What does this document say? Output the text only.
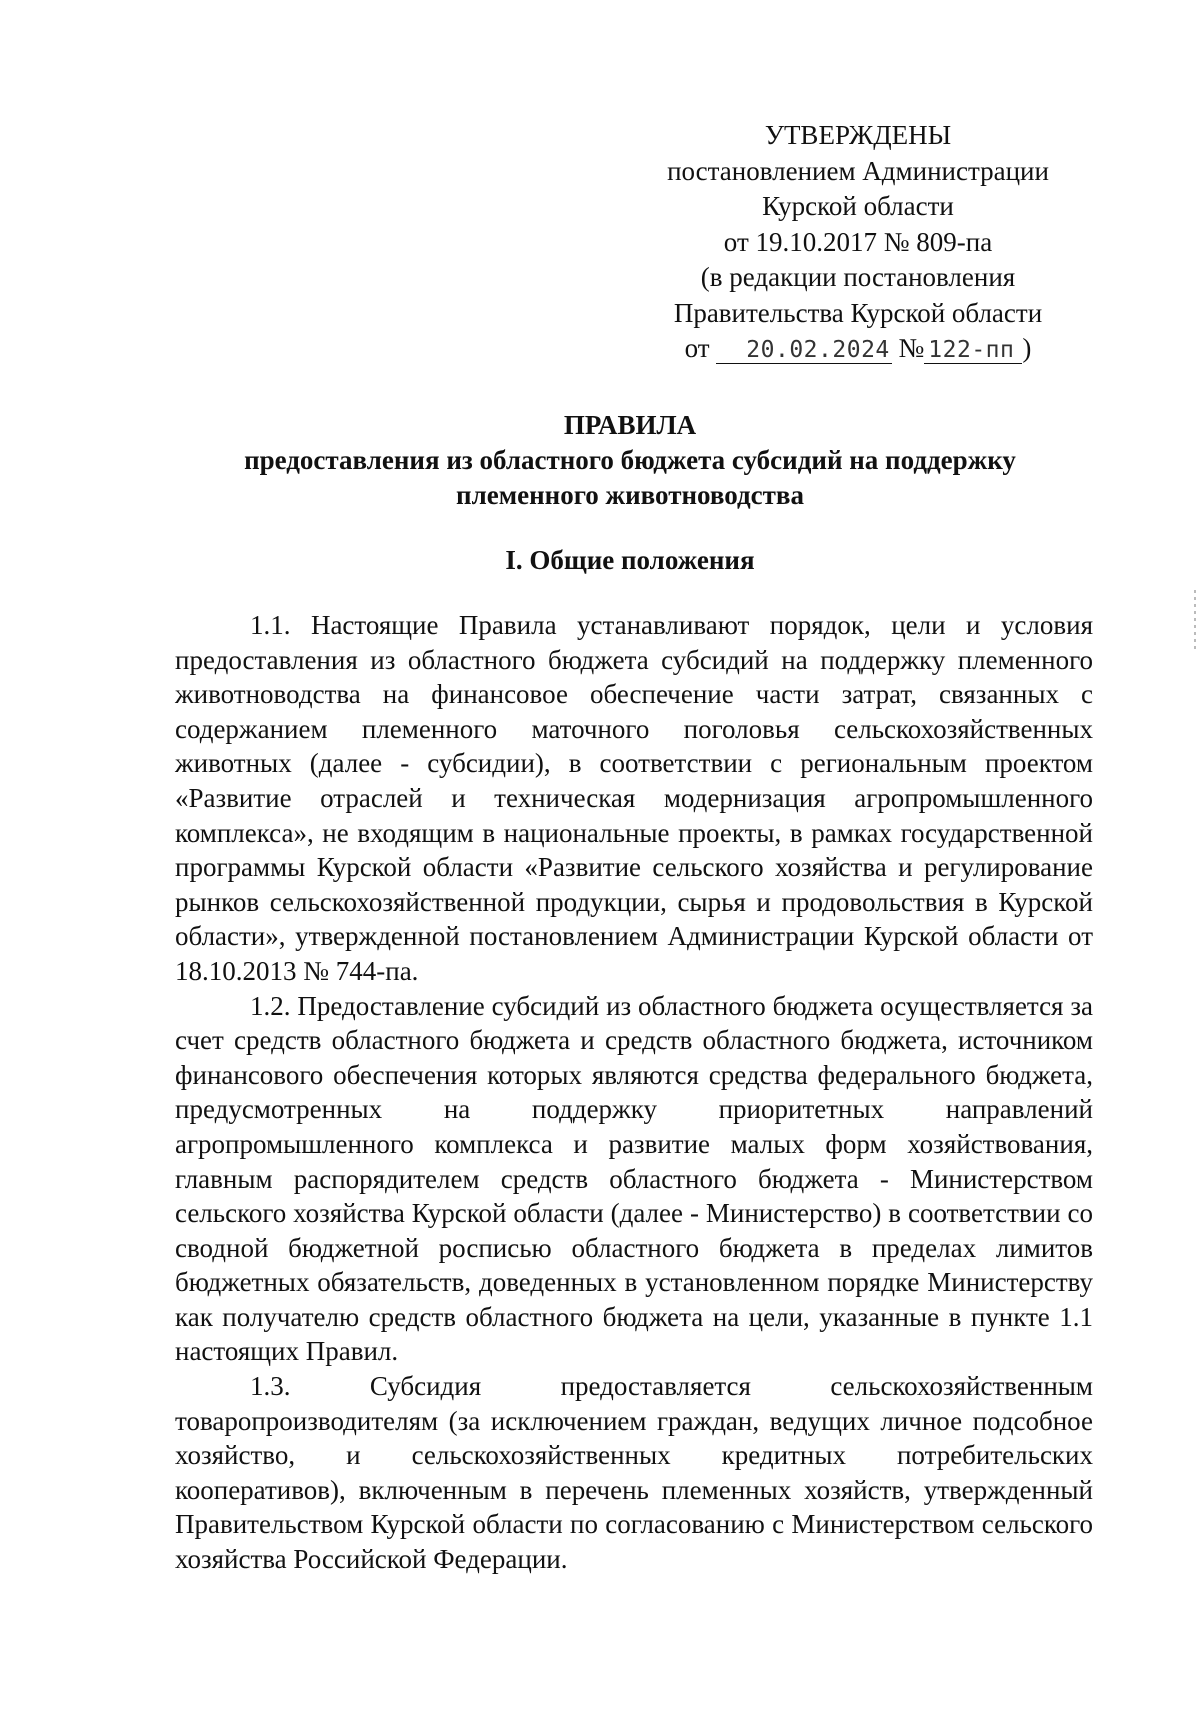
УТВЕРЖДЕНЫ
постановлением Администрации
Курской области
от 19.10.2017 № 809-па
(в редакции постановления
Правительства Курской области
от 20.02.2024 № 122-пп )
ПРАВИЛА
предоставления из областного бюджета субсидий на поддержку
племенного животноводства
I. Общие положения

1.1. Настоящие Правила устанавливают порядок, цели и условия предоставления из областного бюджета субсидий на поддержку племенного животноводства на финансовое обеспечение части затрат, связанных с содержанием племенного маточного поголовья сельскохозяйственных животных (далее - субсидии), в соответствии с региональным проектом «Развитие отраслей и техническая модернизация агропромышленного комплекса», не входящим в национальные проекты, в рамках государственной программы Курской области «Развитие сельского хозяйства и регулирование рынков сельскохозяйственной продукции, сырья и продовольствия в Курской области», утвержденной постановлением Администрации Курской области от 18.10.2013 № 744-па.

1.2. Предоставление субсидий из областного бюджета осуществляется за счет средств областного бюджета и средств областного бюджета, источником финансового обеспечения которых являются средства федерального бюджета, предусмотренных на поддержку приоритетных направлений агропромышленного комплекса и развитие малых форм хозяйствования, главным распорядителем средств областного бюджета - Министерством сельского хозяйства Курской области (далее - Министерство) в соответствии со сводной бюджетной росписью областного бюджета в пределах лимитов бюджетных обязательств, доведенных в установленном порядке Министерству как получателю средств областного бюджета на цели, указанные в пункте 1.1 настоящих Правил.

1.3. Субсидия предоставляется сельскохозяйственным товаропроизводителям (за исключением граждан, ведущих личное подсобное хозяйство, и сельскохозяйственных кредитных потребительских кооперативов), включенным в перечень племенных хозяйств, утвержденный Правительством Курской области по согласованию с Министерством сельского хозяйства Российской Федерации.
